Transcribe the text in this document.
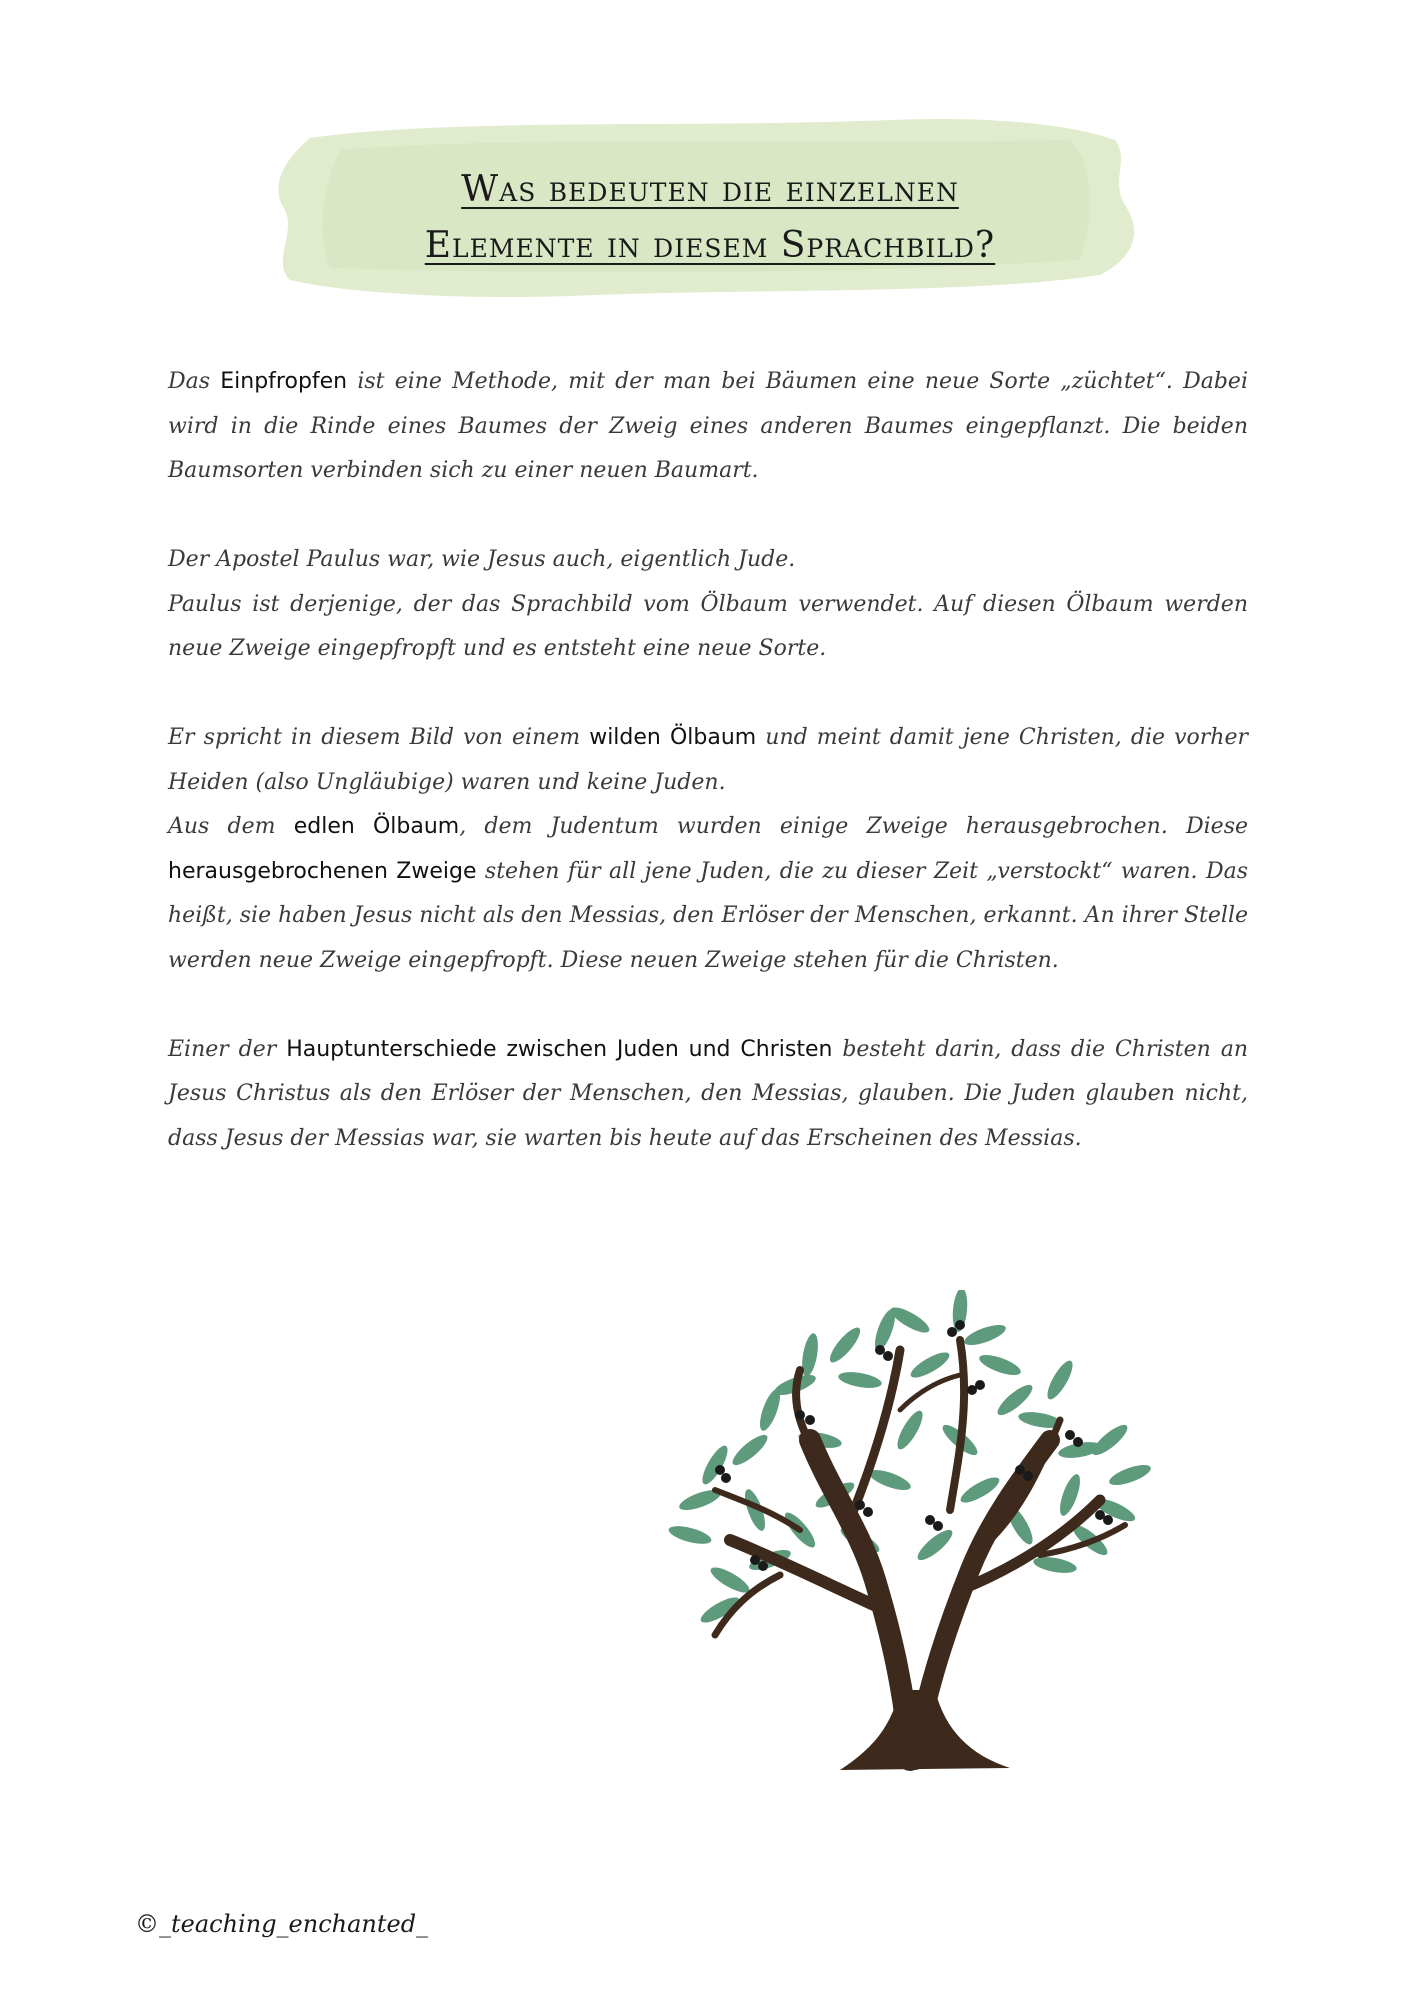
Was bedeuten die einzelnen
Elemente in diesem Sprachbild?

Das Einpfropfen ist eine Methode, mit der man bei Bäumen eine neue Sorte „züchtet“. Dabei wird in die Rinde eines Baumes der Zweig eines anderen Baumes eingepflanzt. Die beiden Baumsorten verbinden sich zu einer neuen Baumart.

Der Apostel Paulus war, wie Jesus auch, eigentlich Jude.

Paulus ist derjenige, der das Sprachbild vom Ölbaum verwendet. Auf diesen Ölbaum werden neue Zweige eingepfropft und es entsteht eine neue Sorte.

Er spricht in diesem Bild von einem wilden Ölbaum und meint damit jene Christen, die vorher Heiden (also Ungläubige) waren und keine Juden.

Aus dem edlen Ölbaum, dem Judentum wurden einige Zweige herausgebrochen. Diese herausgebrochenen Zweige stehen für all jene Juden, die zu dieser Zeit „verstockt“ waren. Das heißt, sie haben Jesus nicht als den Messias, den Erlöser der Menschen, erkannt. An ihrer Stelle werden neue Zweige eingepfropft. Diese neuen Zweige stehen für die Christen.

Einer der Hauptunterschiede zwischen Juden und Christen besteht darin, dass die Christen an Jesus Christus als den Erlöser der Menschen, den Messias, glauben. Die Juden glauben nicht, dass Jesus der Messias war, sie warten bis heute auf das Erscheinen des Messias.

©_teaching_enchanted_
